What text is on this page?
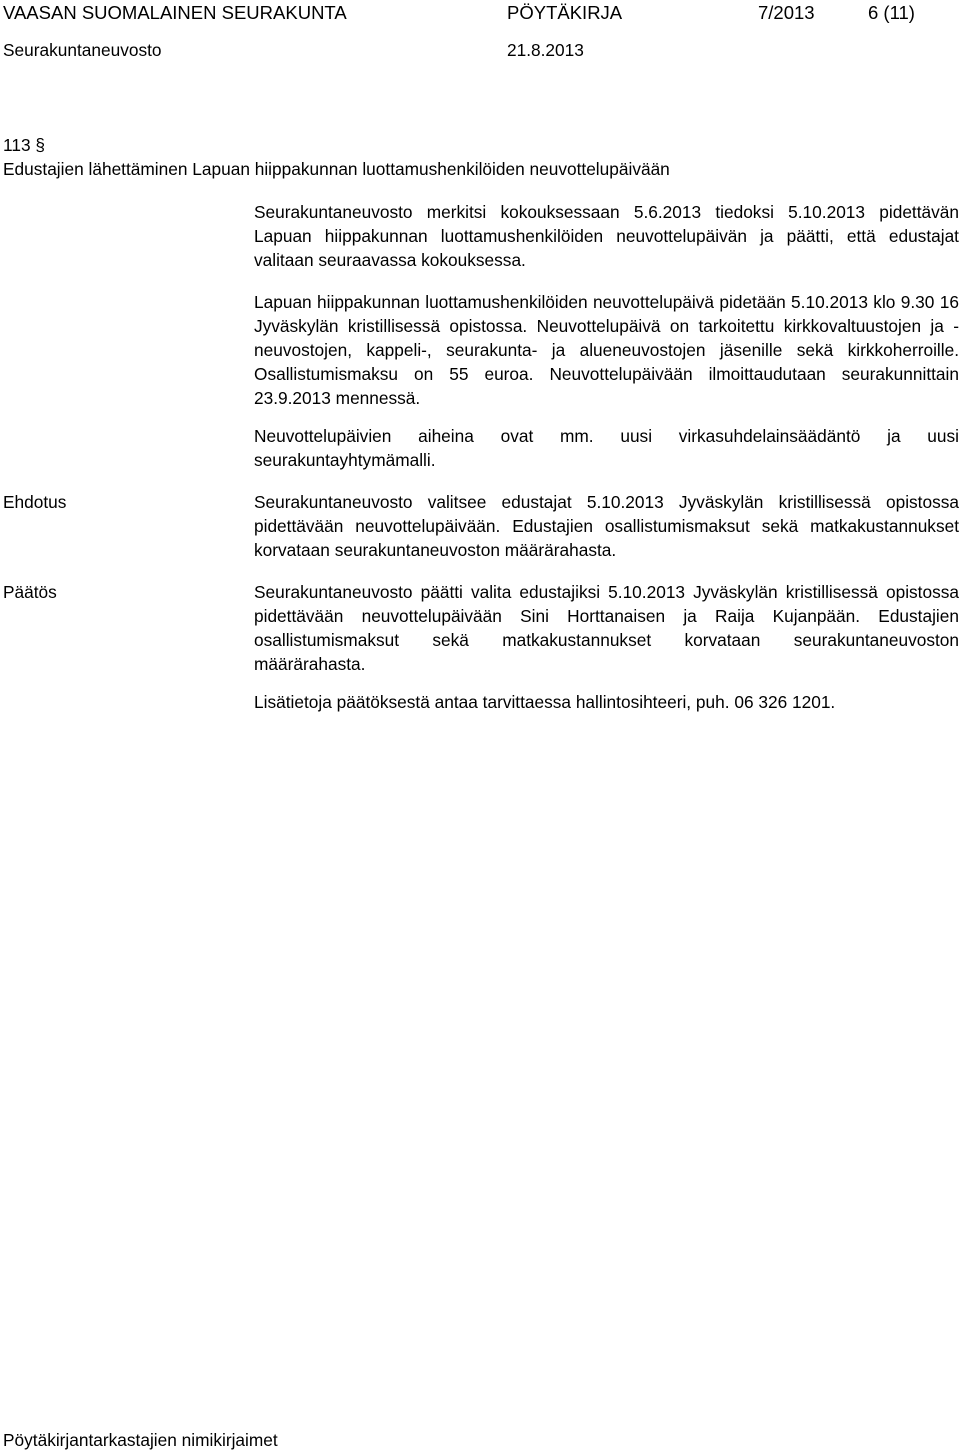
VAASAN SUOMALAINEN SEURAKUNTA	PÖYTÄKIRJA	7/2013	6 (11)
Seurakuntaneuvosto	21.8.2013
113 §
Edustajien lähettäminen Lapuan hiippakunnan luottamushenkilöiden neuvottelupäivään
Seurakuntaneuvosto merkitsi kokouksessaan 5.6.2013 tiedoksi 5.10.2013 pidettävän Lapuan hiippakunnan luottamushenkilöiden neuvottelupäivän ja päätti, että edustajat valitaan seuraavassa kokouksessa.
Lapuan hiippakunnan luottamushenkilöiden neuvottelupäivä pidetään 5.10.2013 klo 9.30 16 Jyväskylän kristillisessä opistossa. Neuvottelupäivä on tarkoitettu kirkkovaltuustojen ja -neuvostojen, kappeli-, seurakunta- ja alueneuvostojen jäsenille sekä kirkkoherroille. Osallistumismaksu on 55 euroa. Neuvottelupäivään ilmoittaudutaan seurakunnittain 23.9.2013 mennessä.
Neuvottelupäivien aiheina ovat mm. uusi virkasuhdelainsäädäntö ja uusi seurakuntayhtymämalli.
Ehdotus	Seurakuntaneuvosto valitsee edustajat 5.10.2013 Jyväskylän kristillisessä opistossa pidettävään neuvottelupäivään. Edustajien osallistumismaksut sekä matkakustannukset korvataan seurakuntaneuvoston määrärahasta.
Päätös	Seurakuntaneuvosto päätti valita edustajiksi 5.10.2013 Jyväskylän kristillisessä opistossa pidettävään neuvottelupäivään Sini Horttanaisen ja Raija Kujanpään. Edustajien osallistumismaksut sekä matkakustannukset korvataan seurakuntaneuvoston määrärahasta.
Lisätietoja päätöksestä antaa tarvittaessa hallintosihteeri, puh. 06 326 1201.
Pöytäkirjantarkastajien nimikirjaimet
